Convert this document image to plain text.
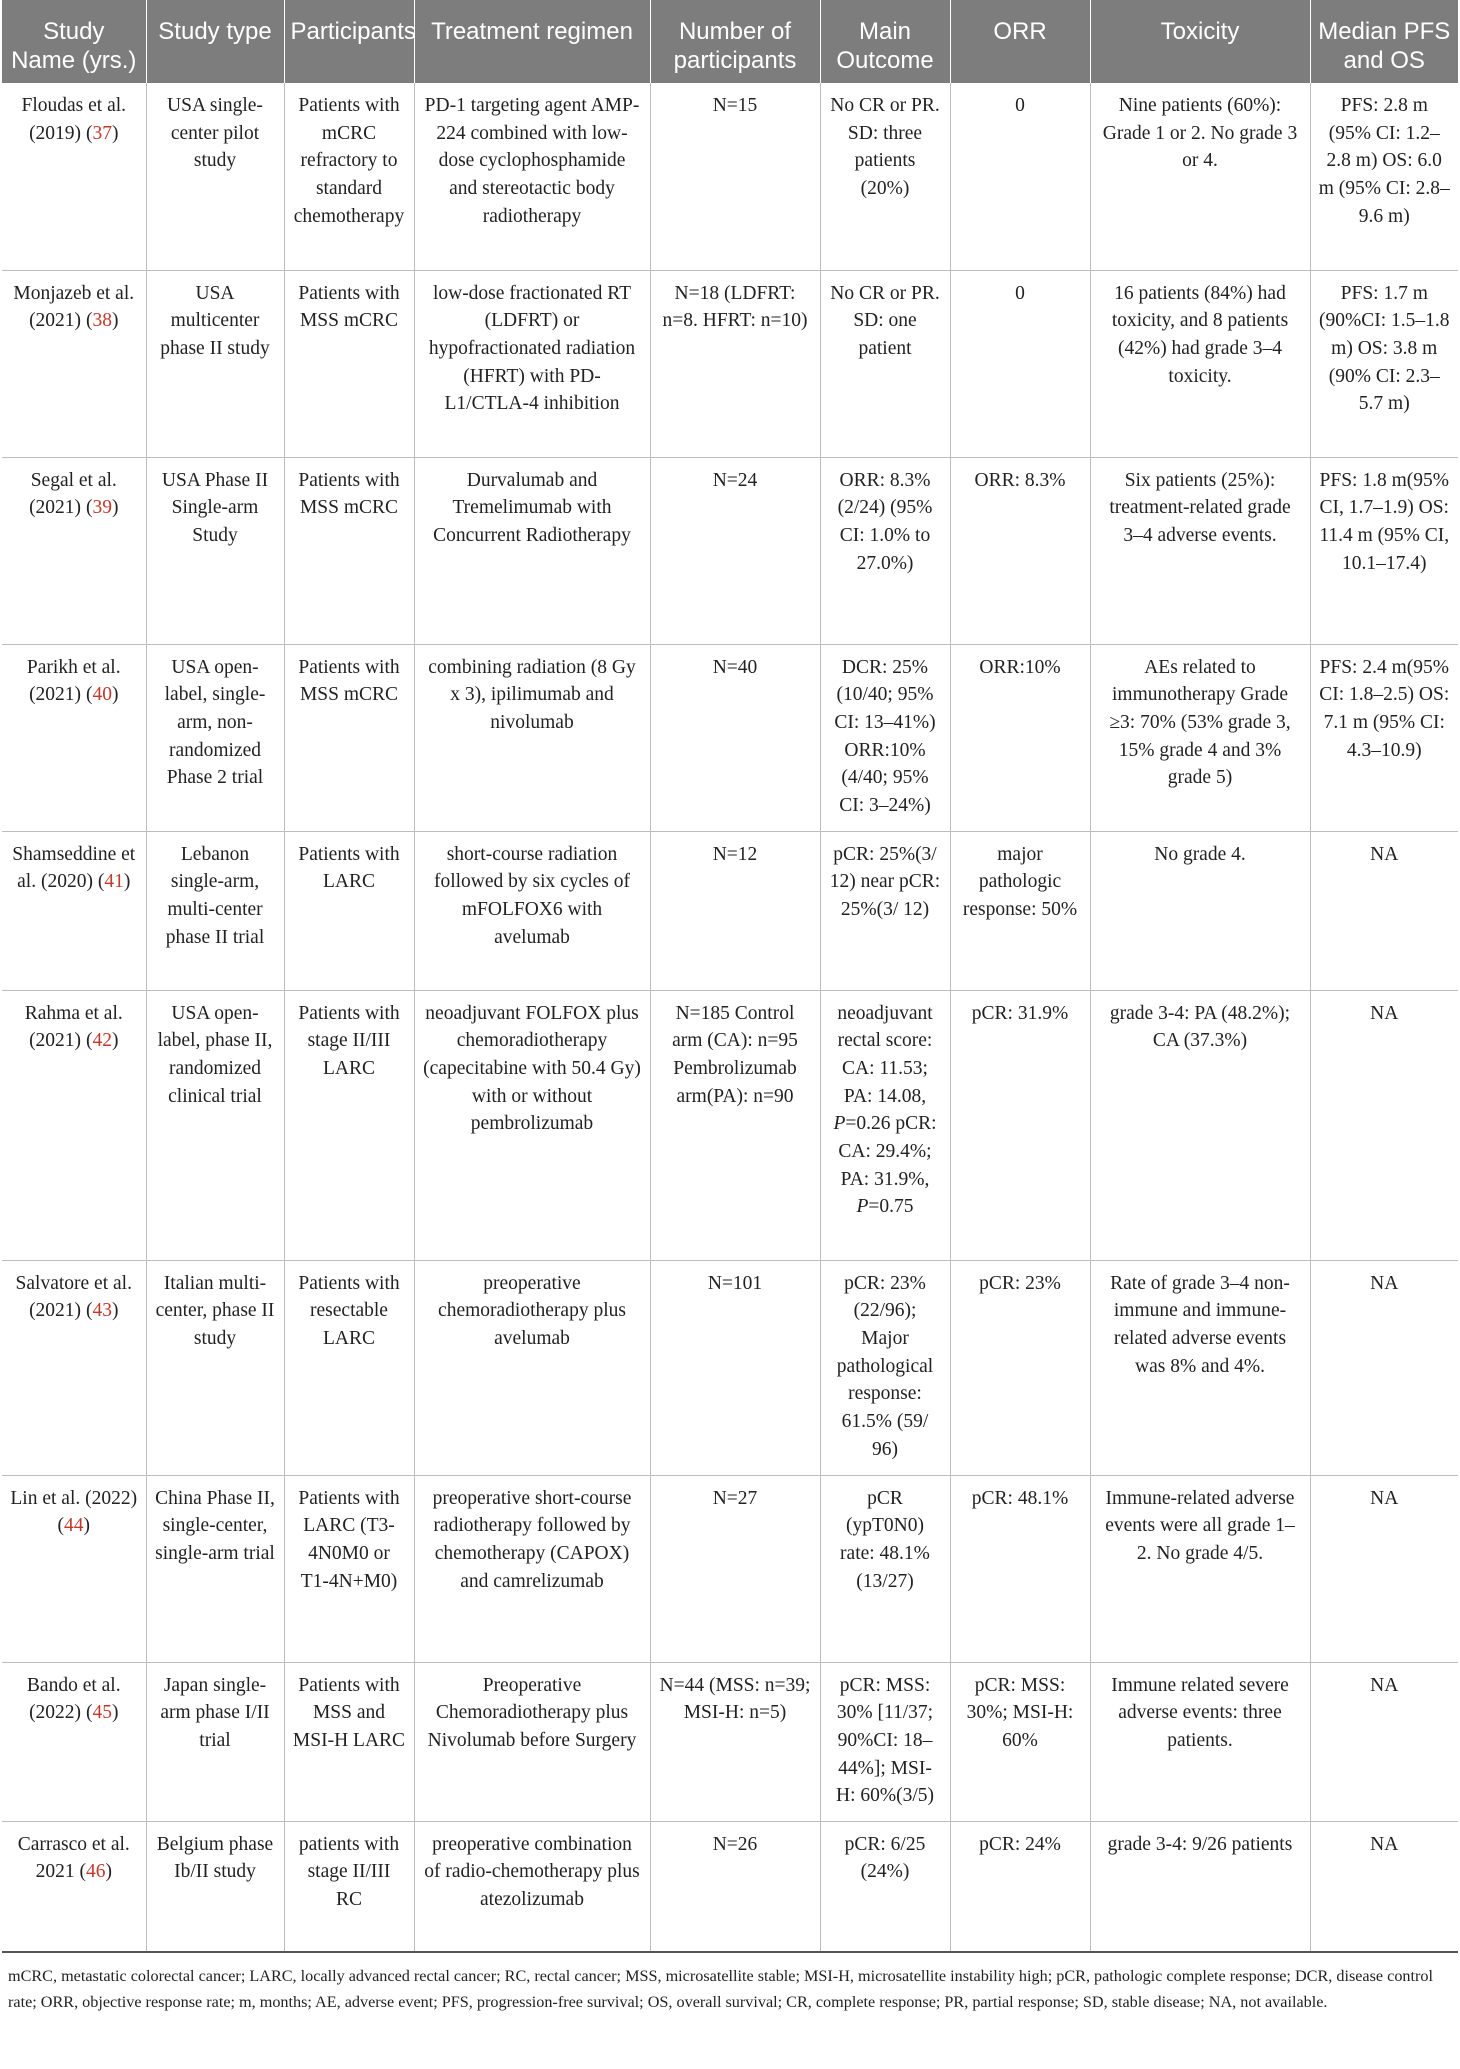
Study Name (yrs.)	Study type	Participants	Treatment regimen	Number of participants	Main Outcome	ORR	Toxicity	Median PFS and OS
Floudas et al. (2019) (37)	USA single-center pilot study	Patients with mCRC refractory to standard chemotherapy	PD-1 targeting agent AMP-224 combined with low-dose cyclophosphamide and stereotactic body radiotherapy	N=15	No CR or PR. SD: three patients (20%)	0	Nine patients (60%): Grade 1 or 2. No grade 3 or 4.	PFS: 2.8 m (95% CI: 1.2–2.8 m) OS: 6.0 m (95% CI: 2.8–9.6 m)
Monjazeb et al. (2021) (38)	USA multicenter phase II study	Patients with MSS mCRC	low-dose fractionated RT (LDFRT) or hypofractionated radiation (HFRT) with PD-L1/CTLA-4 inhibition	N=18 (LDFRT: n=8. HFRT: n=10)	No CR or PR. SD: one patient	0	16 patients (84%) had toxicity, and 8 patients (42%) had grade 3–4 toxicity.	PFS: 1.7 m (90%CI: 1.5–1.8 m) OS: 3.8 m (90% CI: 2.3–5.7 m)
Segal et al. (2021) (39)	USA Phase II Single-arm Study	Patients with MSS mCRC	Durvalumab and Tremelimumab with Concurrent Radiotherapy	N=24	ORR: 8.3% (2/24) (95% CI: 1.0% to 27.0%)	ORR: 8.3%	Six patients (25%): treatment-related grade 3–4 adverse events.	PFS: 1.8 m(95% CI, 1.7–1.9) OS: 11.4 m (95% CI, 10.1–17.4)
Parikh et al. (2021) (40)	USA open-label, single-arm, non-randomized Phase 2 trial	Patients with MSS mCRC	combining radiation (8 Gy x 3), ipilimumab and nivolumab	N=40	DCR: 25% (10/40; 95% CI: 13–41%) ORR:10% (4/40; 95% CI: 3–24%)	ORR:10%	AEs related to immunotherapy Grade ≥3: 70% (53% grade 3, 15% grade 4 and 3% grade 5)	PFS: 2.4 m(95% CI: 1.8–2.5) OS: 7.1 m (95% CI: 4.3–10.9)
Shamseddine et al. (2020) (41)	Lebanon single-arm, multi-center phase II trial	Patients with LARC	short-course radiation followed by six cycles of mFOLFOX6 with avelumab	N=12	pCR: 25%(3/ 12) near pCR: 25%(3/ 12)	major pathologic response: 50%	No grade 4.	NA
Rahma et al. (2021) (42)	USA open-label, phase II, randomized clinical trial	Patients with stage II/III LARC	neoadjuvant FOLFOX plus chemoradiotherapy (capecitabine with 50.4 Gy) with or without pembrolizumab	N=185 Control arm (CA): n=95 Pembrolizumab arm(PA): n=90	neoadjuvant rectal score: CA: 11.53; PA: 14.08, P=0.26 pCR: CA: 29.4%; PA: 31.9%, P=0.75	pCR: 31.9%	grade 3-4: PA (48.2%); CA (37.3%)	NA
Salvatore et al. (2021) (43)	Italian multi-center, phase II study	Patients with resectable LARC	preoperative chemoradiotherapy plus avelumab	N=101	pCR: 23%(22/96); Major pathological response: 61.5% (59/ 96)	pCR: 23%	Rate of grade 3–4 non-immune and immune-related adverse events was 8% and 4%.	NA
Lin et al. (2022) (44)	China Phase II, single-center, single-arm trial	Patients with LARC (T3-4N0M0 or T1-4N+M0)	preoperative short-course radiotherapy followed by chemotherapy (CAPOX) and camrelizumab	N=27	pCR (ypT0N0) rate: 48.1% (13/27)	pCR: 48.1%	Immune-related adverse events were all grade 1–2. No grade 4/5.	NA
Bando et al. (2022) (45)	Japan single-arm phase I/II trial	Patients with MSS and MSI-H LARC	Preoperative Chemoradiotherapy plus Nivolumab before Surgery	N=44 (MSS: n=39; MSI-H: n=5)	pCR: MSS: 30% [11/37; 90%CI: 18–44%]; MSI-H: 60%(3/5)	pCR: MSS: 30%; MSI-H: 60%	Immune related severe adverse events: three patients.	NA
Carrasco et al. 2021 (46)	Belgium phase Ib/II study	patients with stage II/III RC	preoperative combination of radio-chemotherapy plus atezolizumab	N=26	pCR: 6/25 (24%)	pCR: 24%	grade 3-4: 9/26 patients	NA
mCRC, metastatic colorectal cancer; LARC, locally advanced rectal cancer; RC, rectal cancer; MSS, microsatellite stable; MSI-H, microsatellite instability high; pCR, pathologic complete response; DCR, disease control rate; ORR, objective response rate; m, months; AE, adverse event; PFS, progression-free survival; OS, overall survival; CR, complete response; PR, partial response; SD, stable disease; NA, not available.
